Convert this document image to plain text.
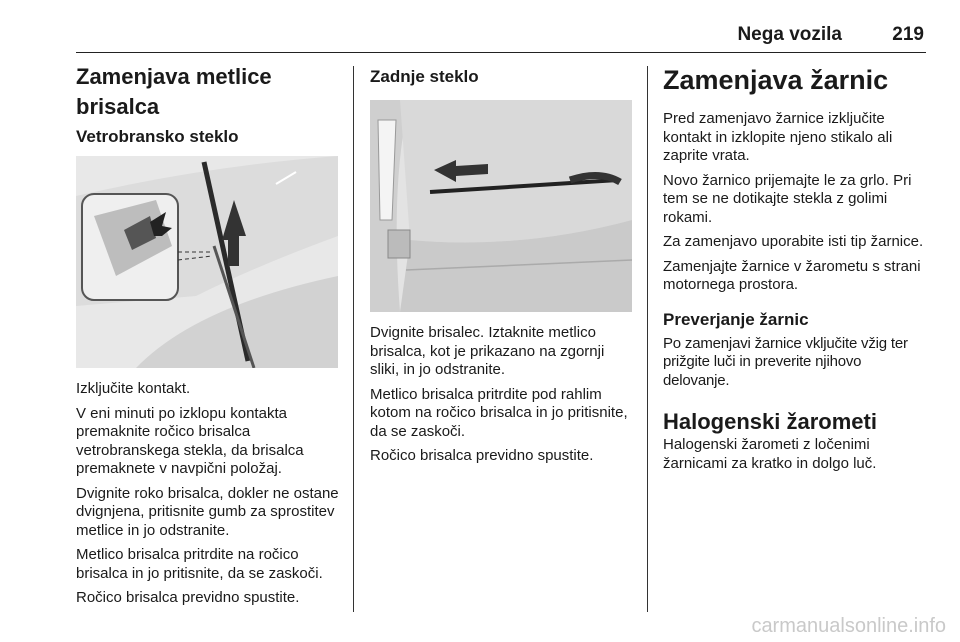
Nega vozila	219
Zamenjava metlice brisalca
Vetrobransko steklo

Izključite kontakt.

V eni minuti po izklopu kontakta premaknite ročico brisalca vetrobranskega stekla, da brisalca premaknete v navpični položaj.

Dvignite roko brisalca, dokler ne ostane dvignjena, pritisnite gumb za sprostitev metlice in jo odstranite.

Metlico brisalca pritrdite na ročico brisalca in jo pritisnite, da se zaskoči.

Ročico brisalca previdno spustite.

Zadnje steklo

Dvignite brisalec. Iztaknite metlico brisalca, kot je prikazano na zgornji sliki, in jo odstranite.

Metlico brisalca pritrdite pod rahlim kotom na ročico brisalca in jo pritisnite, da se zaskoči.

Ročico brisalca previdno spustite.

Zamenjava žarnic

Pred zamenjavo žarnice izključite kontakt in izklopite njeno stikalo ali zaprite vrata.

Novo žarnico prijemajte le za grlo. Pri tem se ne dotikajte stekla z golimi rokami.

Za zamenjavo uporabite isti tip žarnice.

Zamenjajte žarnice v žarometu s strani motornega prostora.

Preverjanje žarnic

Po zamenjavi žarnice vključite vžig ter prižgite luči in preverite njihovo delovanje.

Halogenski žarometi

Halogenski žarometi z ločenimi žarnicami za kratko in dolgo luč.

carmanualsonline.info
